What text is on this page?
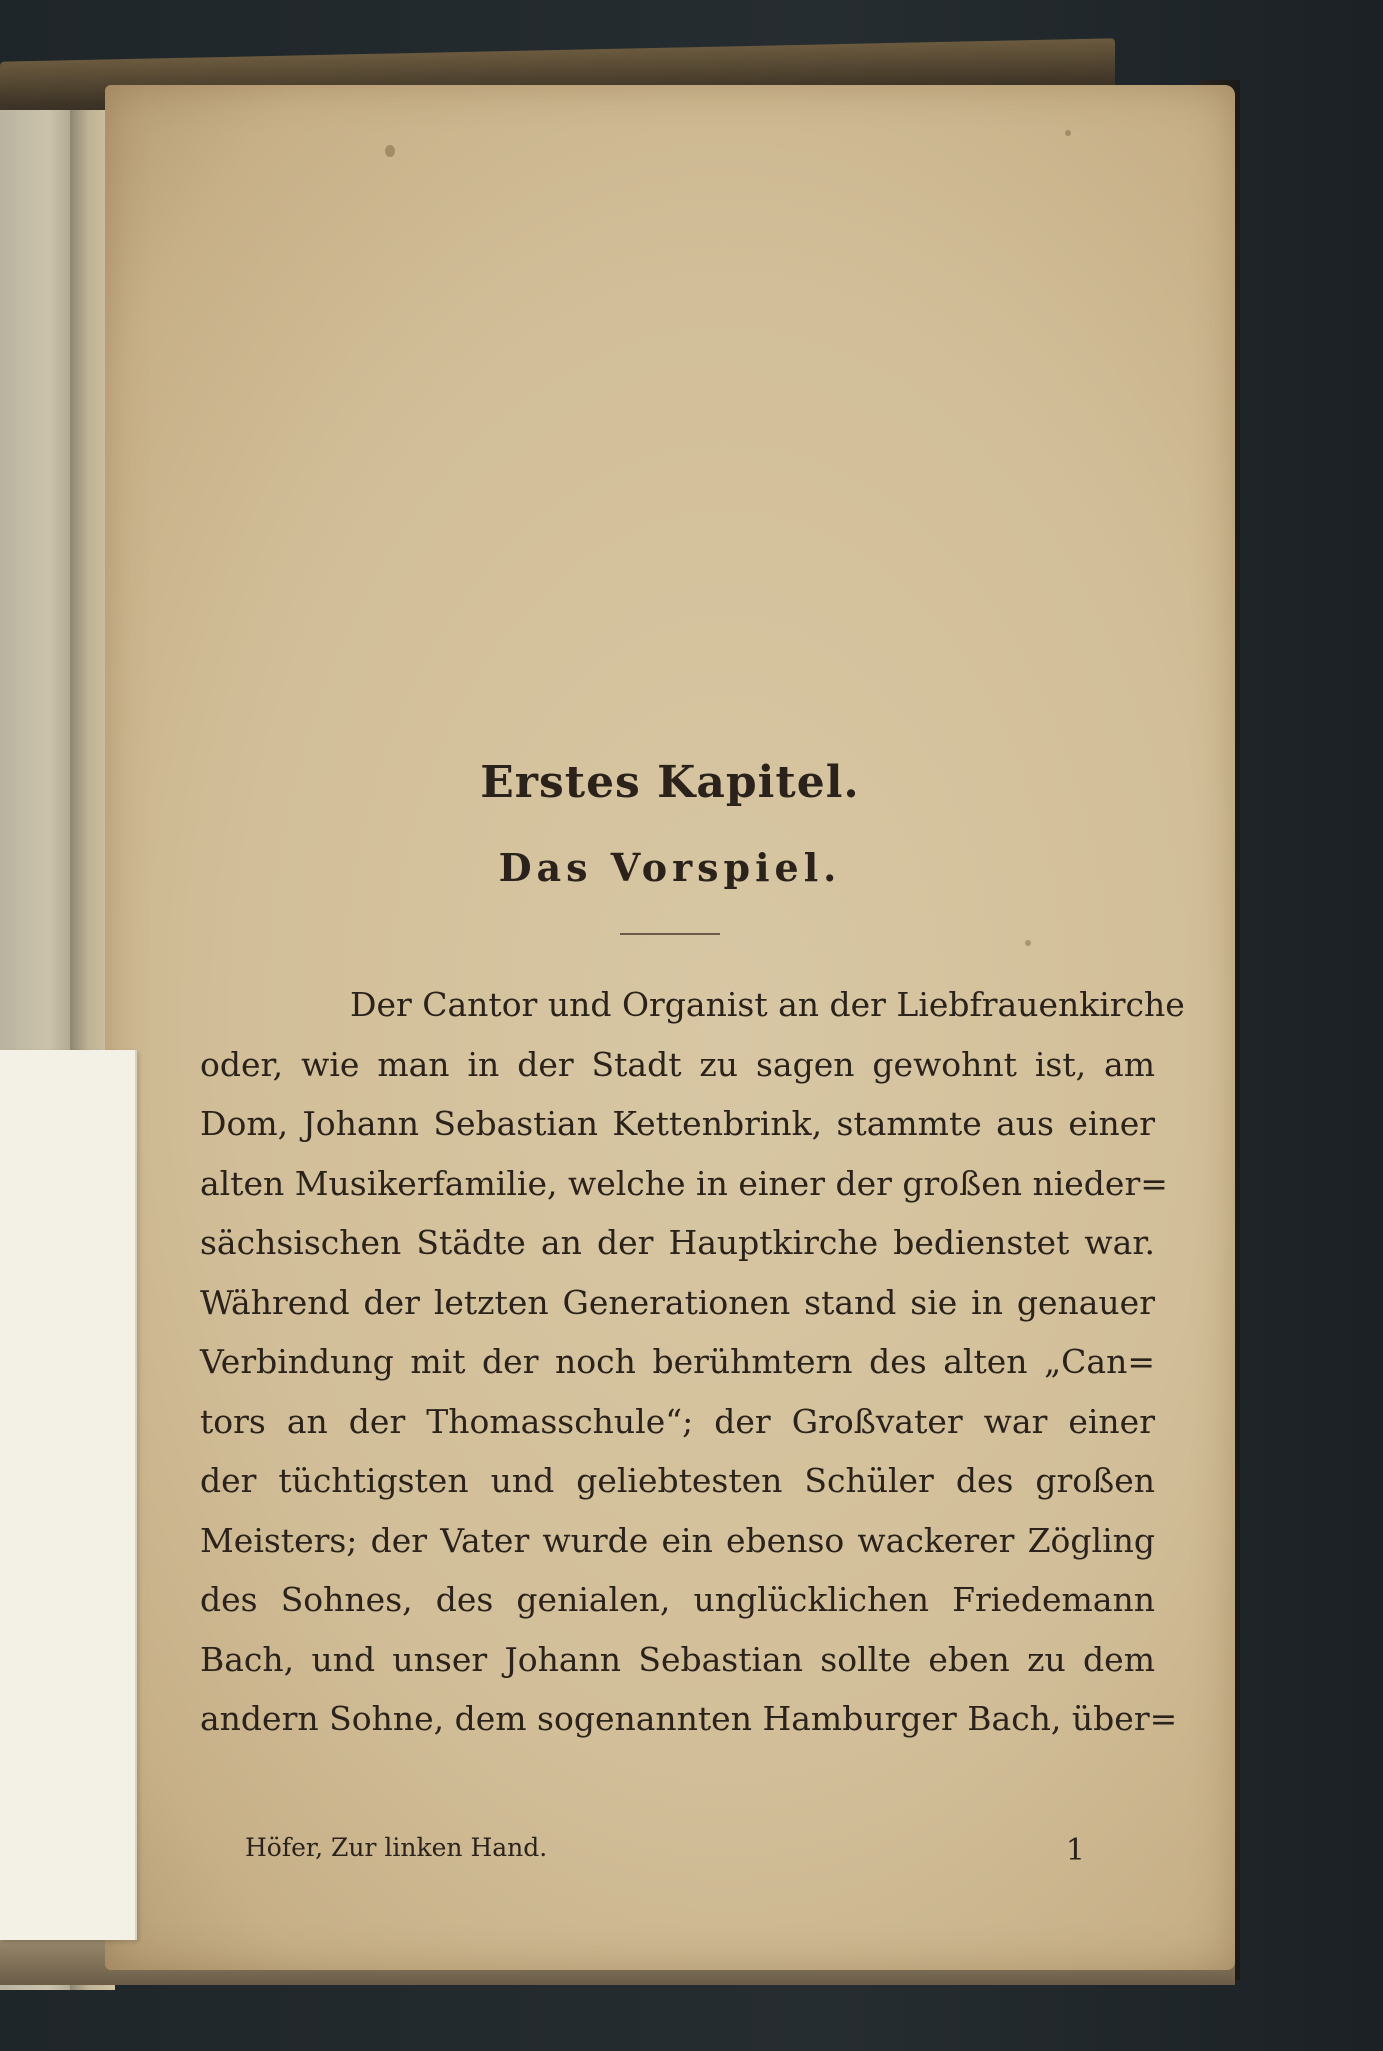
Erstes Kapitel.
Das Vorspiel.
Der Cantor und Organist an der Liebfrauenkirche
oder, wie man in der Stadt zu sagen gewohnt ist, am
Dom, Johann Sebastian Kettenbrink, stammte aus einer
alten Musikerfamilie, welche in einer der großen nieder=
sächsischen Städte an der Hauptkirche bedienstet war.
Während der letzten Generationen stand sie in genauer
Verbindung mit der noch berühmtern des alten „Can=
tors an der Thomasschule“; der Großvater war einer
der tüchtigsten und geliebtesten Schüler des großen
Meisters; der Vater wurde ein ebenso wackerer Zögling
des Sohnes, des genialen, unglücklichen Friedemann
Bach, und unser Johann Sebastian sollte eben zu dem
andern Sohne, dem sogenannten Hamburger Bach, über=
Höfer, Zur linken Hand.	1
